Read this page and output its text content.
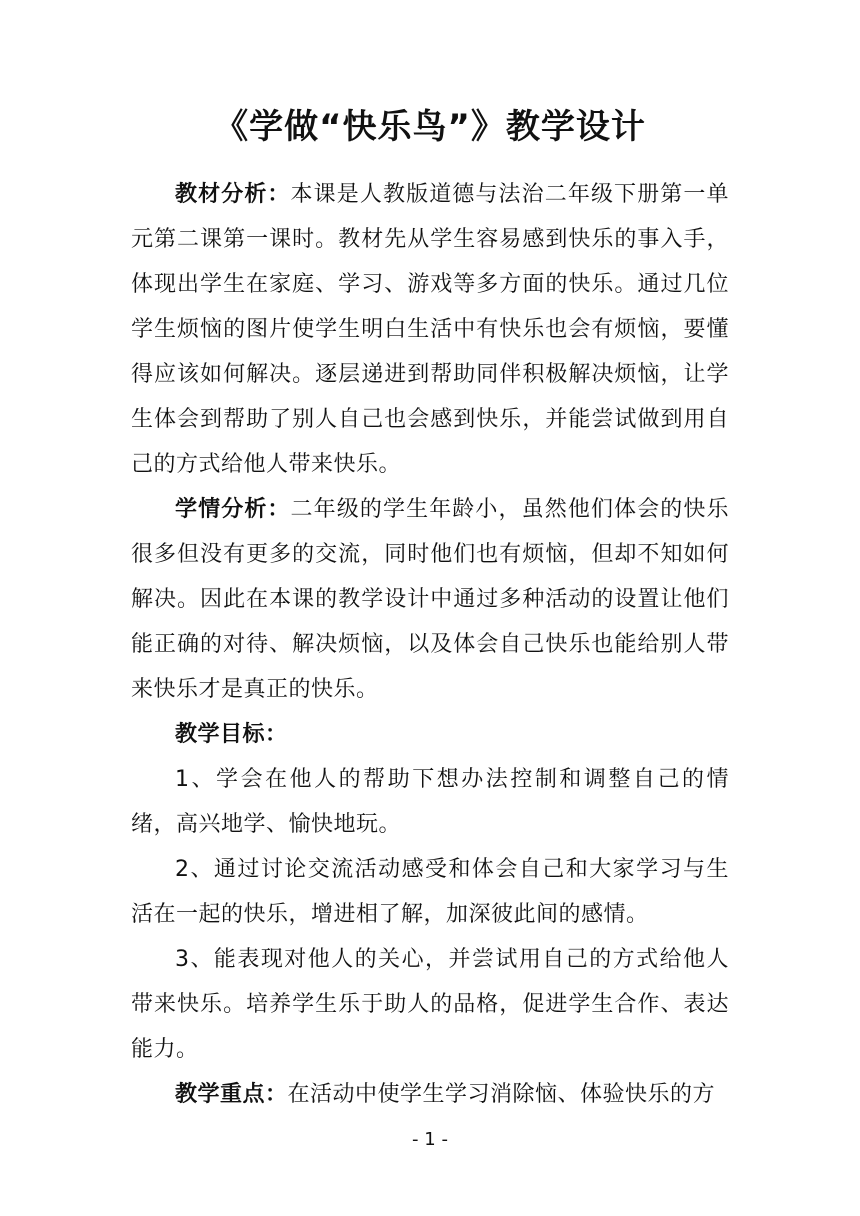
《学做“快乐鸟”》教学设计

教材分析：本课是人教版道德与法治二年级下册第一单元第二课第一课时。教材先从学生容易感到快乐的事入手，体现出学生在家庭、学习、游戏等多方面的快乐。通过几位学生烦恼的图片使学生明白生活中有快乐也会有烦恼，要懂得应该如何解决。逐层递进到帮助同伴积极解决烦恼，让学生体会到帮助了别人自己也会感到快乐，并能尝试做到用自己的方式给他人带来快乐。

学情分析：二年级的学生年龄小，虽然他们体会的快乐很多但没有更多的交流，同时他们也有烦恼，但却不知如何解决。因此在本课的教学设计中通过多种活动的设置让他们能正确的对待、解决烦恼，以及体会自己快乐也能给别人带来快乐才是真正的快乐。

教学目标：

1、学会在他人的帮助下想办法控制和调整自己的情绪，高兴地学、愉快地玩。

2、通过讨论交流活动感受和体会自己和大家学习与生活在一起的快乐，增进相了解，加深彼此间的感情。

3、能表现对他人的关心，并尝试用自己的方式给他人带来快乐。培养学生乐于助人的品格，促进学生合作、表达能力。

教学重点：在活动中使学生学习消除恼、体验快乐的方

- 1 -
